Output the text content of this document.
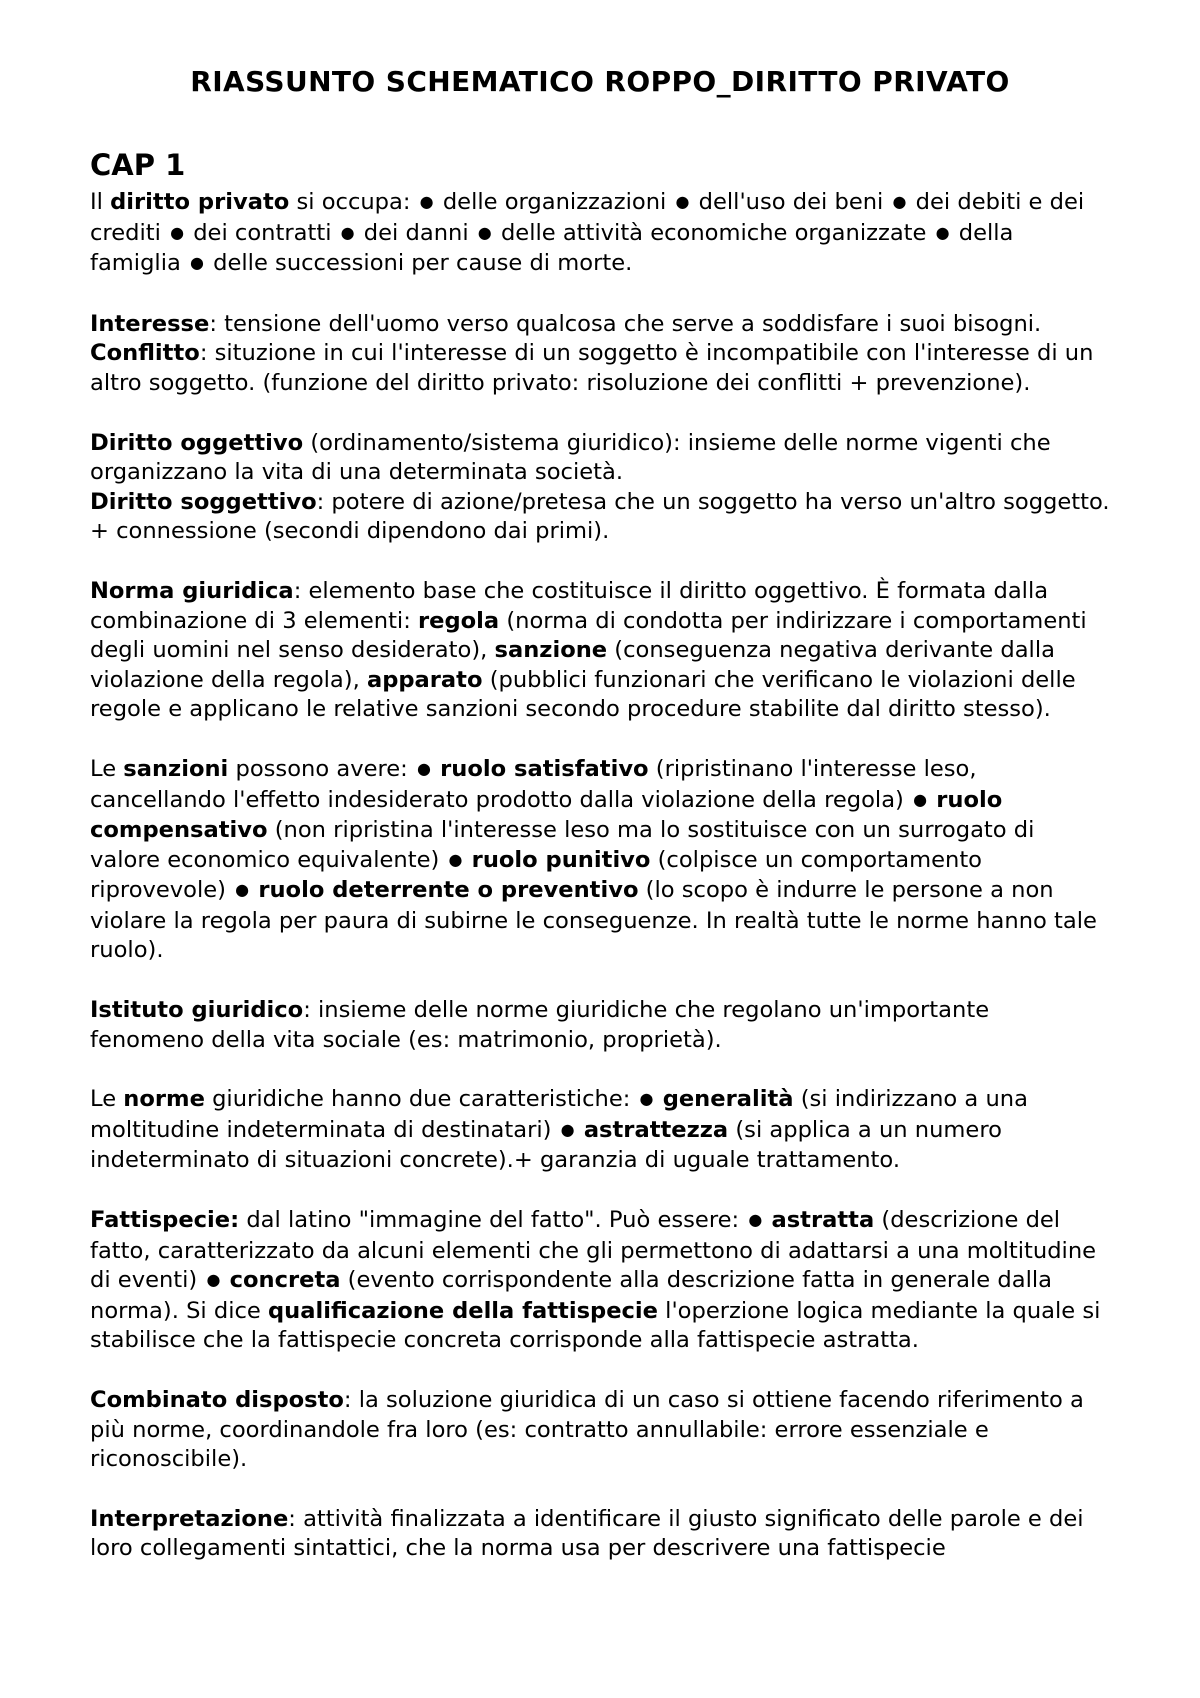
RIASSUNTO SCHEMATICO ROPPO_DIRITTO PRIVATO
CAP 1

Il diritto privato si occupa: ● delle organizzazioni ● dell'uso dei beni ● dei debiti e dei crediti ● dei contratti ● dei danni ● delle attività economiche organizzate ● della famiglia ● delle successioni per cause di morte.

Interesse: tensione dell'uomo verso qualcosa che serve a soddisfare i suoi bisogni. Conflitto: situzione in cui l'interesse di un soggetto è incompatibile con l'interesse di un altro soggetto. (funzione del diritto privato: risoluzione dei conflitti + prevenzione).

Diritto oggettivo (ordinamento/sistema giuridico): insieme delle norme vigenti che organizzano la vita di una determinata società.

Diritto soggettivo: potere di azione/pretesa che un soggetto ha verso un'altro soggetto. + connessione (secondi dipendono dai primi).

Norma giuridica: elemento base che costituisce il diritto oggettivo. È formata dalla combinazione di 3 elementi: regola (norma di condotta per indirizzare i comportamenti degli uomini nel senso desiderato), sanzione (conseguenza negativa derivante dalla violazione della regola), apparato (pubblici funzionari che verificano le violazioni delle regole e applicano le relative sanzioni secondo procedure stabilite dal diritto stesso).

Le sanzioni possono avere: ● ruolo satisfativo (ripristinano l'interesse leso, cancellando l'effetto indesiderato prodotto dalla violazione della regola) ● ruolo compensativo (non ripristina l'interesse leso ma lo sostituisce con un surrogato di valore economico equivalente) ● ruolo punitivo (colpisce un comportamento riprovevole) ● ruolo deterrente o preventivo (lo scopo è indurre le persone a non violare la regola per paura di subirne le conseguenze. In realtà tutte le norme hanno tale ruolo).

Istituto giuridico: insieme delle norme giuridiche che regolano un'importante fenomeno della vita sociale (es: matrimonio, proprietà).

Le norme giuridiche hanno due caratteristiche: ● generalità (si indirizzano a una moltitudine indeterminata di destinatari) ● astrattezza (si applica a un numero indeterminato di situazioni concrete).+ garanzia di uguale trattamento.

Fattispecie: dal latino "immagine del fatto". Può essere: ● astratta (descrizione del fatto, caratterizzato da alcuni elementi che gli permettono di adattarsi a una moltitudine di eventi) ● concreta (evento corrispondente alla descrizione fatta in generale dalla norma). Si dice qualificazione della fattispecie l'operzione logica mediante la quale si stabilisce che la fattispecie concreta corrisponde alla fattispecie astratta.

Combinato disposto: la soluzione giuridica di un caso si ottiene facendo riferimento a più norme, coordinandole fra loro (es: contratto annullabile: errore essenziale e riconoscibile).

Interpretazione: attività finalizzata a identificare il giusto significato delle parole e dei loro collegamenti sintattici, che la norma usa per descrivere una fattispecie
